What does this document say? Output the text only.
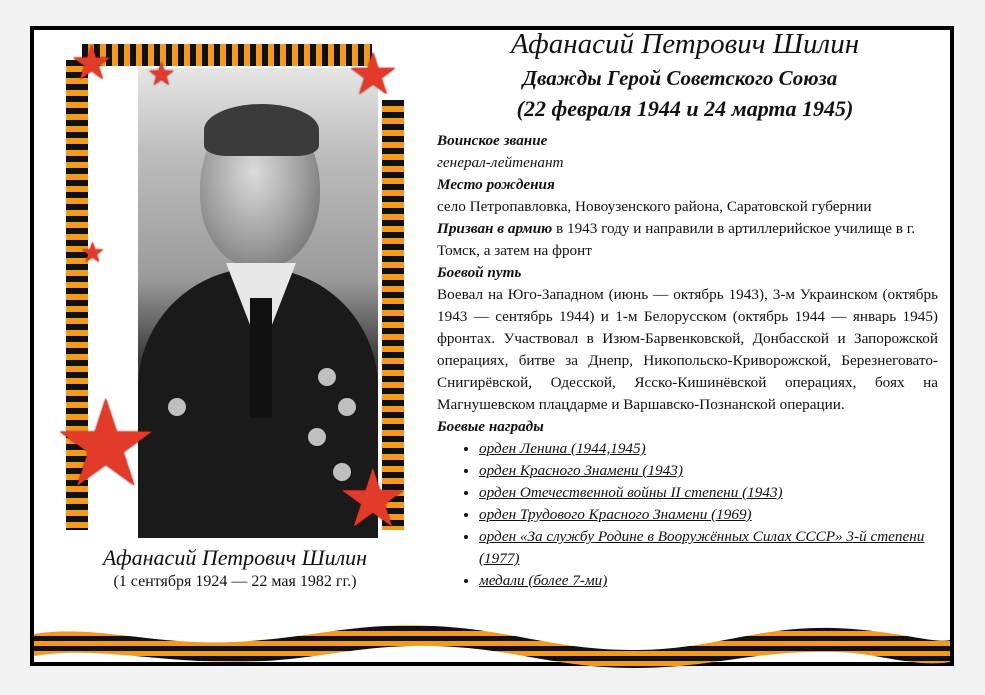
★ ★	★
★
★ ★
Афанасий Петрович Шилин
(1 сентября 1924 — 22 мая 1982 гг.)
Афанасий Петрович Шилин
Дважды Герой Советского Союза
(22 февраля 1944 и 24 марта 1945)

Воинское звание

генерал-лейтенант

Место рождения

село Петропавловка, Новоузенского района, Саратовской губернии

Призван в армию в 1943 году и направили в артиллерийское училище в г. Томск, а затем на фронт

Боевой путь

Воевал на Юго-Западном (июнь — октябрь 1943), 3-м Украинском (октябрь 1943 — сентябрь 1944) и 1-м Белорусском (октябрь 1944 — январь 1945) фронтах. Участвовал в Изюм-Барвенковской, Донбасской и Запорожской операциях, битве за Днепр, Никопольско-Криворожской, Березнеговато-Снигирёвской, Одесской, Ясско-Кишинёвской операциях, боях на Магнушевском плацдарме и Варшавско-Познанской операции.

Боевые награды

• орден Ленина (1944,1945)
• орден Красного Знамени (1943)
• орден Отечественной войны II степени (1943)
• орден Трудового Красного Знамени (1969)
• орден «За службу Родине в Вооружённых Силах СССР» 3-й степени (1977)
• медали (более 7-ми)
